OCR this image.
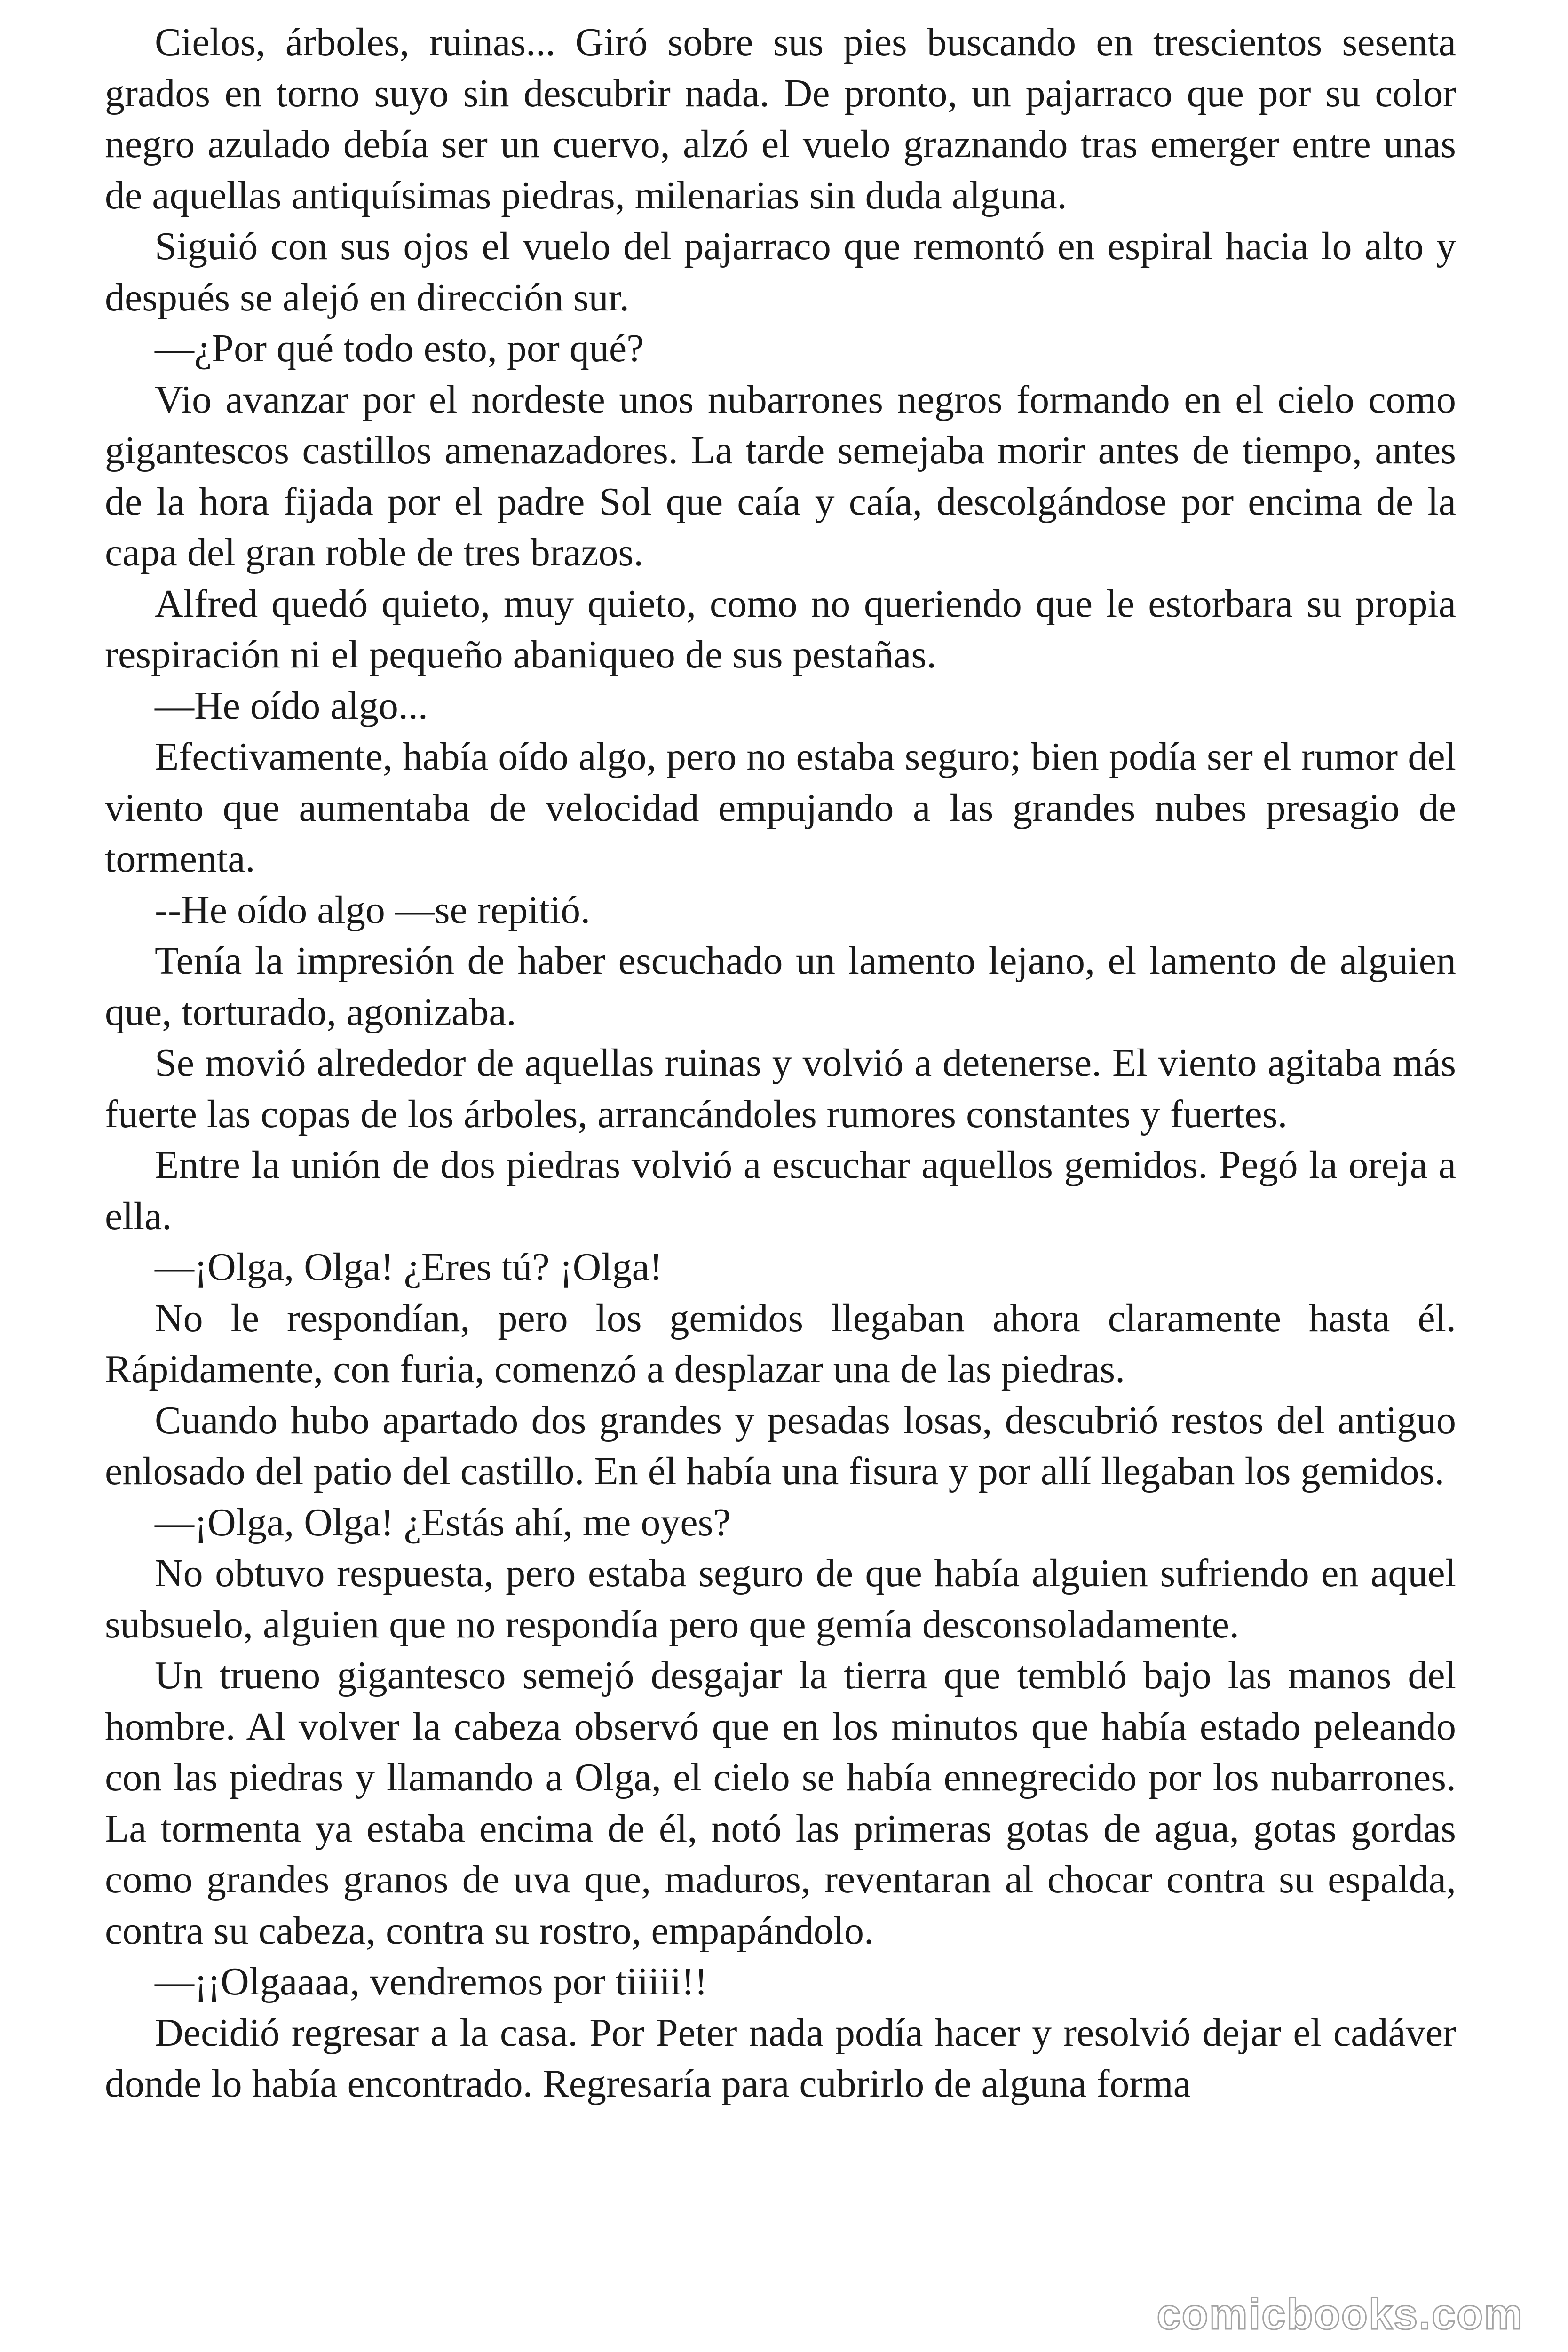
Cielos, árboles, ruinas... Giró sobre sus pies buscando en trescientos sesenta grados en torno suyo sin descubrir nada. De pronto, un pajarraco que por su color negro azulado debía ser un cuervo, alzó el vuelo graznando tras emerger entre unas de aquellas antiquísimas piedras, milenarias sin duda alguna.

Siguió con sus ojos el vuelo del pajarraco que remontó en espiral hacia lo alto y después se alejó en dirección sur.

—¿Por qué todo esto, por qué?

Vio avanzar por el nordeste unos nubarrones negros formando en el cielo como gigantescos castillos amenazadores. La tarde semejaba morir antes de tiempo, antes de la hora fijada por el padre Sol que caía y caía, descolgándose por encima de la capa del gran roble de tres brazos.

Alfred quedó quieto, muy quieto, como no queriendo que le estorbara su propia respiración ni el pequeño abaniqueo de sus pestañas.

—He oído algo...

Efectivamente, había oído algo, pero no estaba seguro; bien podía ser el rumor del viento que aumentaba de velocidad empujando a las grandes nubes presagio de tormenta.

--He oído algo —se repitió.

Tenía la impresión de haber escuchado un lamento lejano, el lamento de alguien que, torturado, agonizaba.

Se movió alrededor de aquellas ruinas y volvió a detenerse. El viento agitaba más fuerte las copas de los árboles, arrancándoles rumores constantes y fuertes.

Entre la unión de dos piedras volvió a escuchar aquellos gemidos. Pegó la oreja a ella.

—¡Olga, Olga! ¿Eres tú? ¡Olga!

No le respondían, pero los gemidos llegaban ahora claramente hasta él. Rápidamente, con furia, comenzó a desplazar una de las piedras.

Cuando hubo apartado dos grandes y pesadas losas, descubrió restos del antiguo enlosado del patio del castillo. En él había una fisura y por allí llegaban los gemidos.

—¡Olga, Olga! ¿Estás ahí, me oyes?

No obtuvo respuesta, pero estaba seguro de que había alguien sufriendo en aquel subsuelo, alguien que no respondía pero que gemía desconsoladamente.

Un trueno gigantesco semejó desgajar la tierra que tembló bajo las manos del hombre. Al volver la cabeza observó que en los minutos que había estado peleando con las piedras y llamando a Olga, el cielo se había ennegrecido por los nubarrones. La tormenta ya estaba encima de él, notó las primeras gotas de agua, gotas gordas como grandes granos de uva que, maduros, reventaran al chocar contra su espalda, contra su cabeza, contra su rostro, empapándolo.

—¡¡Olgaaaa, vendremos por tiiiii!!

Decidió regresar a la casa. Por Peter nada podía hacer y resolvió dejar el cadáver donde lo había encontrado. Regresaría para cubrirlo de alguna forma

comicbooks.com
